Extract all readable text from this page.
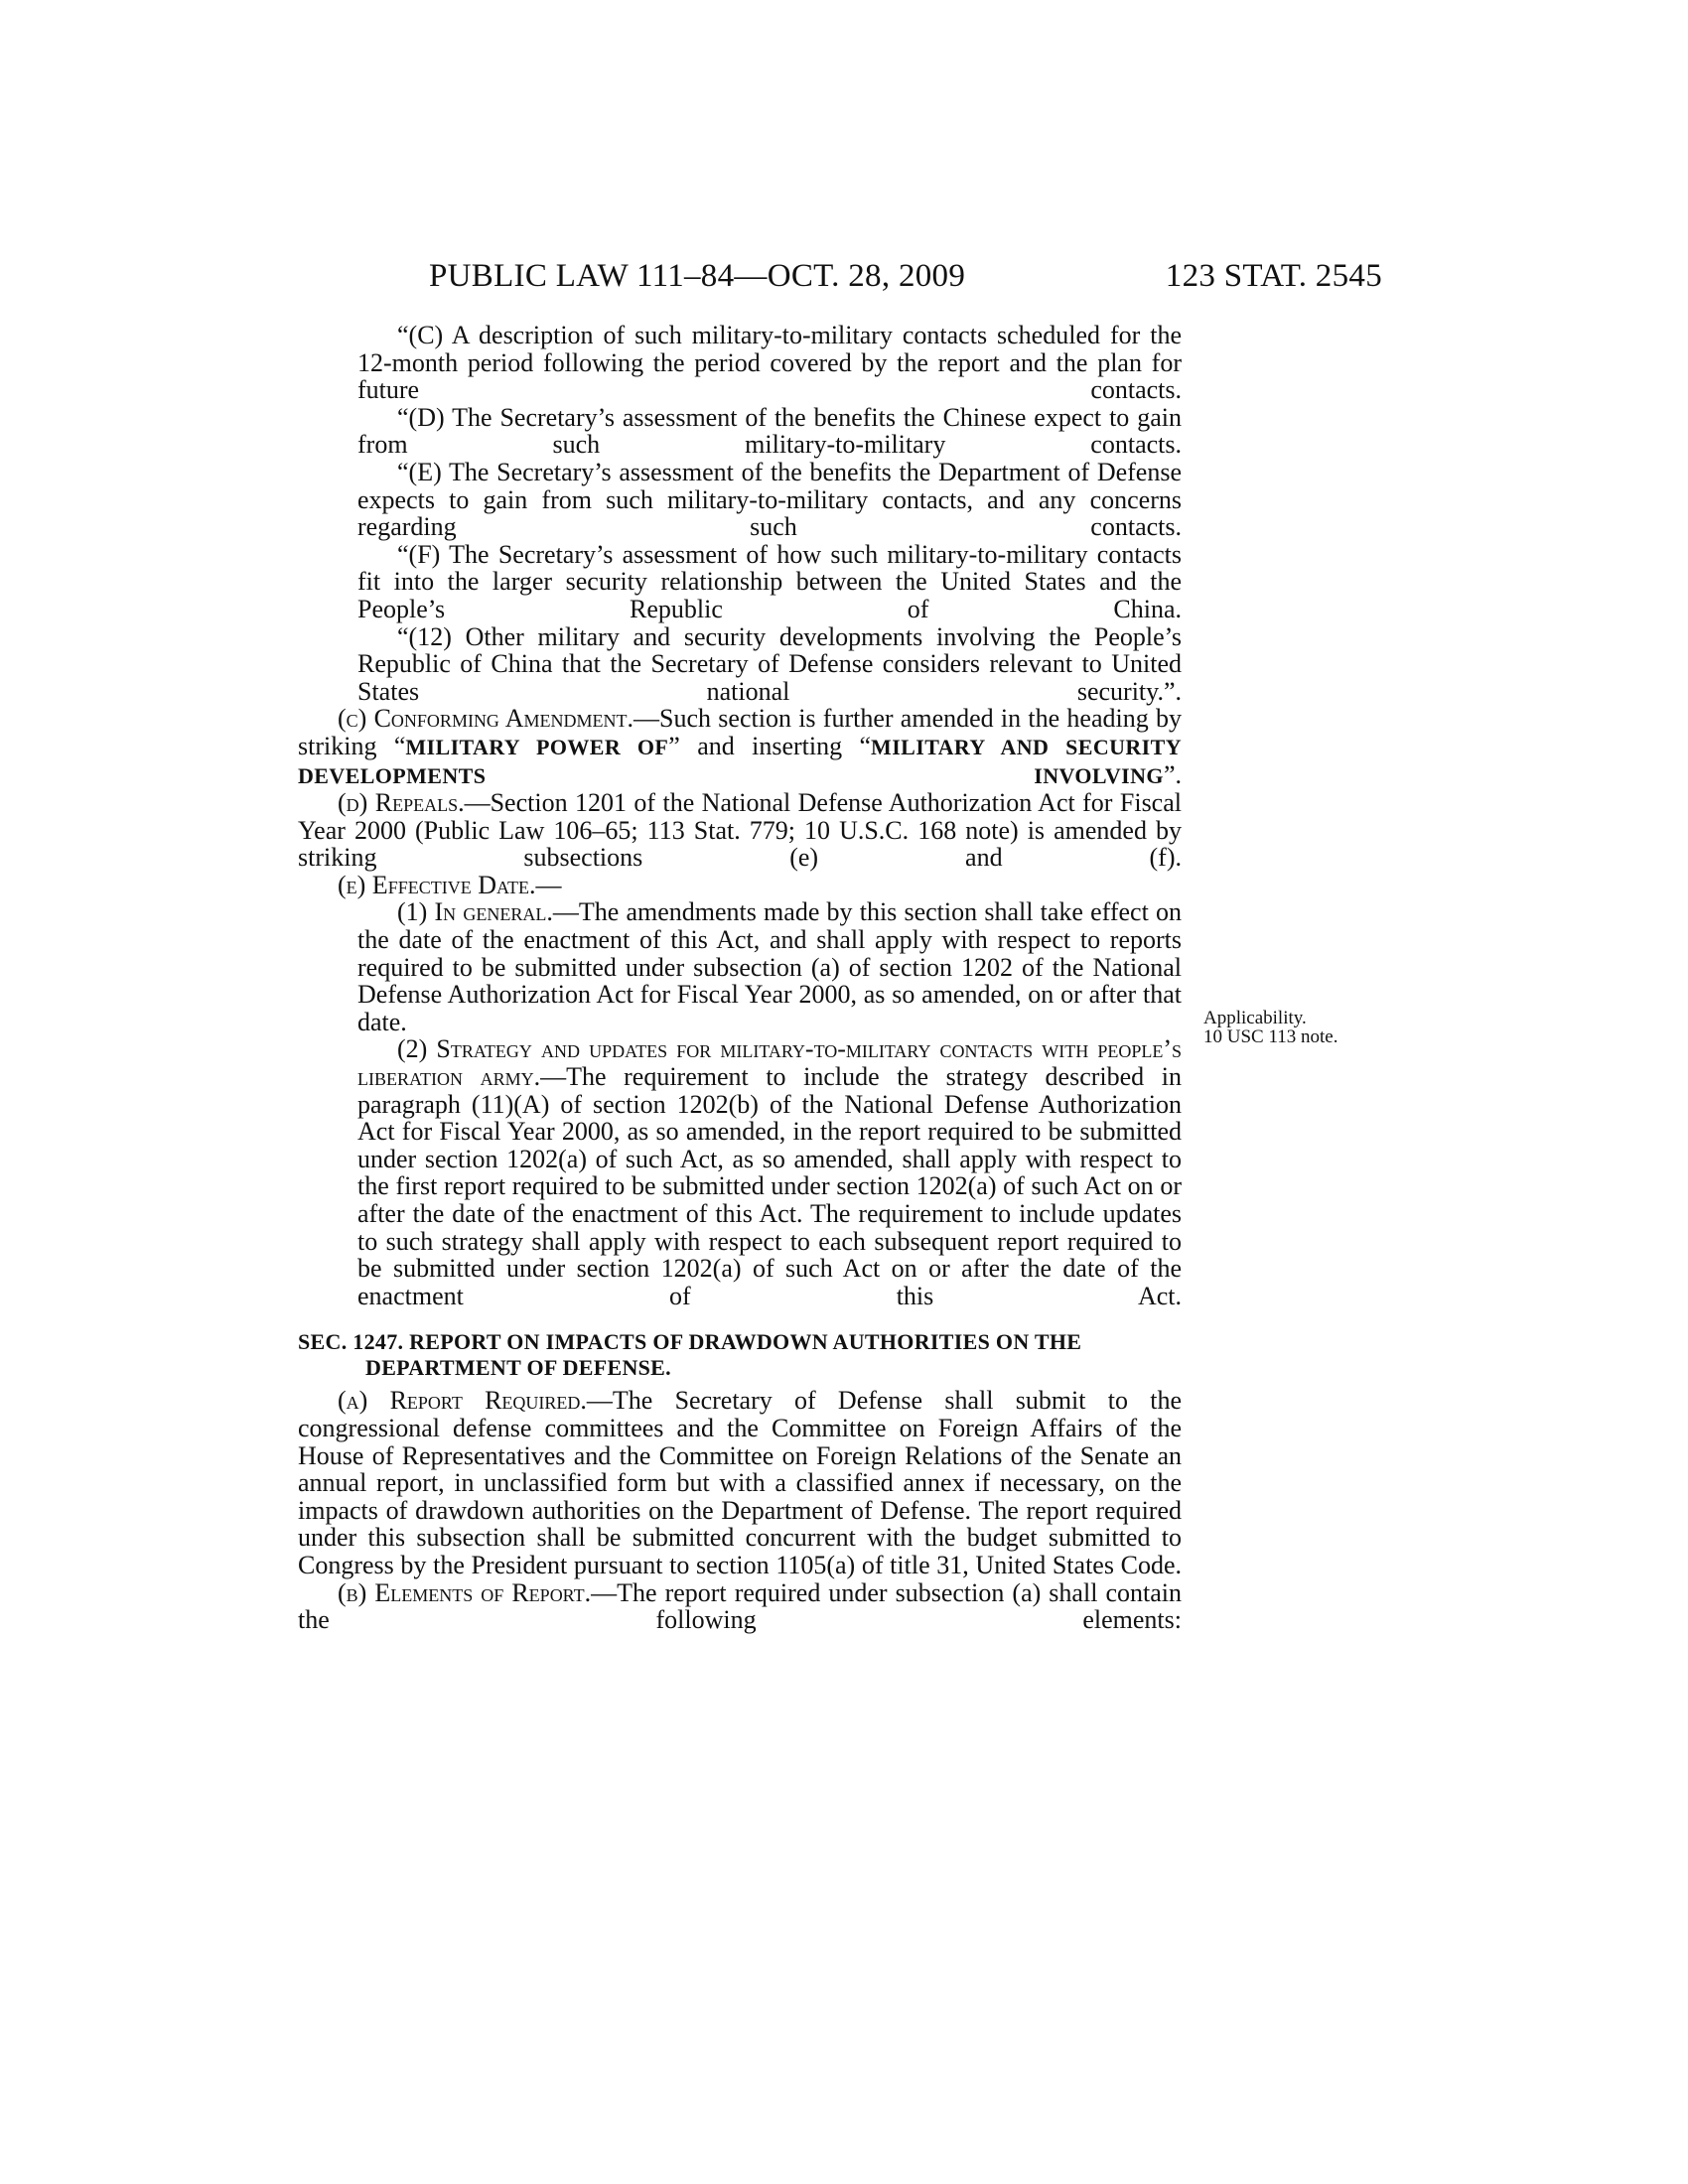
PUBLIC LAW 111–84—OCT. 28, 2009	123 STAT. 2545
Applicability.
10 USC 113 note.

“(C) A description of such military-to-military contacts scheduled for the 12-month period following the period covered by the report and the plan for future contacts.

“(D) The Secretary’s assessment of the benefits the Chinese expect to gain from such military-to-military contacts.

“(E) The Secretary’s assessment of the benefits the Department of Defense expects to gain from such military-to-military contacts, and any concerns regarding such contacts.

“(F) The Secretary’s assessment of how such military-to-military contacts fit into the larger security relationship between the United States and the People’s Republic of China.

“(12) Other military and security developments involving the People’s Republic of China that the Secretary of Defense considers relevant to United States national security.”.

(c) Conforming Amendment.—Such section is further amended in the heading by striking “MILITARY POWER OF” and inserting “MILITARY AND SECURITY DEVELOPMENTS INVOLVING”.

(d) Repeals.—Section 1201 of the National Defense Authorization Act for Fiscal Year 2000 (Public Law 106–65; 113 Stat. 779; 10 U.S.C. 168 note) is amended by striking subsections (e) and (f).

(e) Effective Date.—

(1) In general.—The amendments made by this section shall take effect on the date of the enactment of this Act, and shall apply with respect to reports required to be submitted under subsection (a) of section 1202 of the National Defense Authorization Act for Fiscal Year 2000, as so amended, on or after that date.

(2) Strategy and updates for military-to-military contacts with people’s liberation army.—The requirement to include the strategy described in paragraph (11)(A) of section 1202(b) of the National Defense Authorization Act for Fiscal Year 2000, as so amended, in the report required to be submitted under section 1202(a) of such Act, as so amended, shall apply with respect to the first report required to be submitted under section 1202(a) of such Act on or after the date of the enactment of this Act. The requirement to include updates to such strategy shall apply with respect to each subsequent report required to be submitted under section 1202(a) of such Act on or after the date of the enactment of this Act.

SEC. 1247. REPORT ON IMPACTS OF DRAWDOWN AUTHORITIES ON THE DEPARTMENT OF DEFENSE.

(a) Report Required.—The Secretary of Defense shall submit to the congressional defense committees and the Committee on Foreign Affairs of the House of Representatives and the Committee on Foreign Relations of the Senate an annual report, in unclassified form but with a classified annex if necessary, on the impacts of drawdown authorities on the Department of Defense. The report required under this subsection shall be submitted concurrent with the budget submitted to Congress by the President pursuant to section 1105(a) of title 31, United States Code.

(b) Elements of Report.—The report required under subsection (a) shall contain the following elements:
